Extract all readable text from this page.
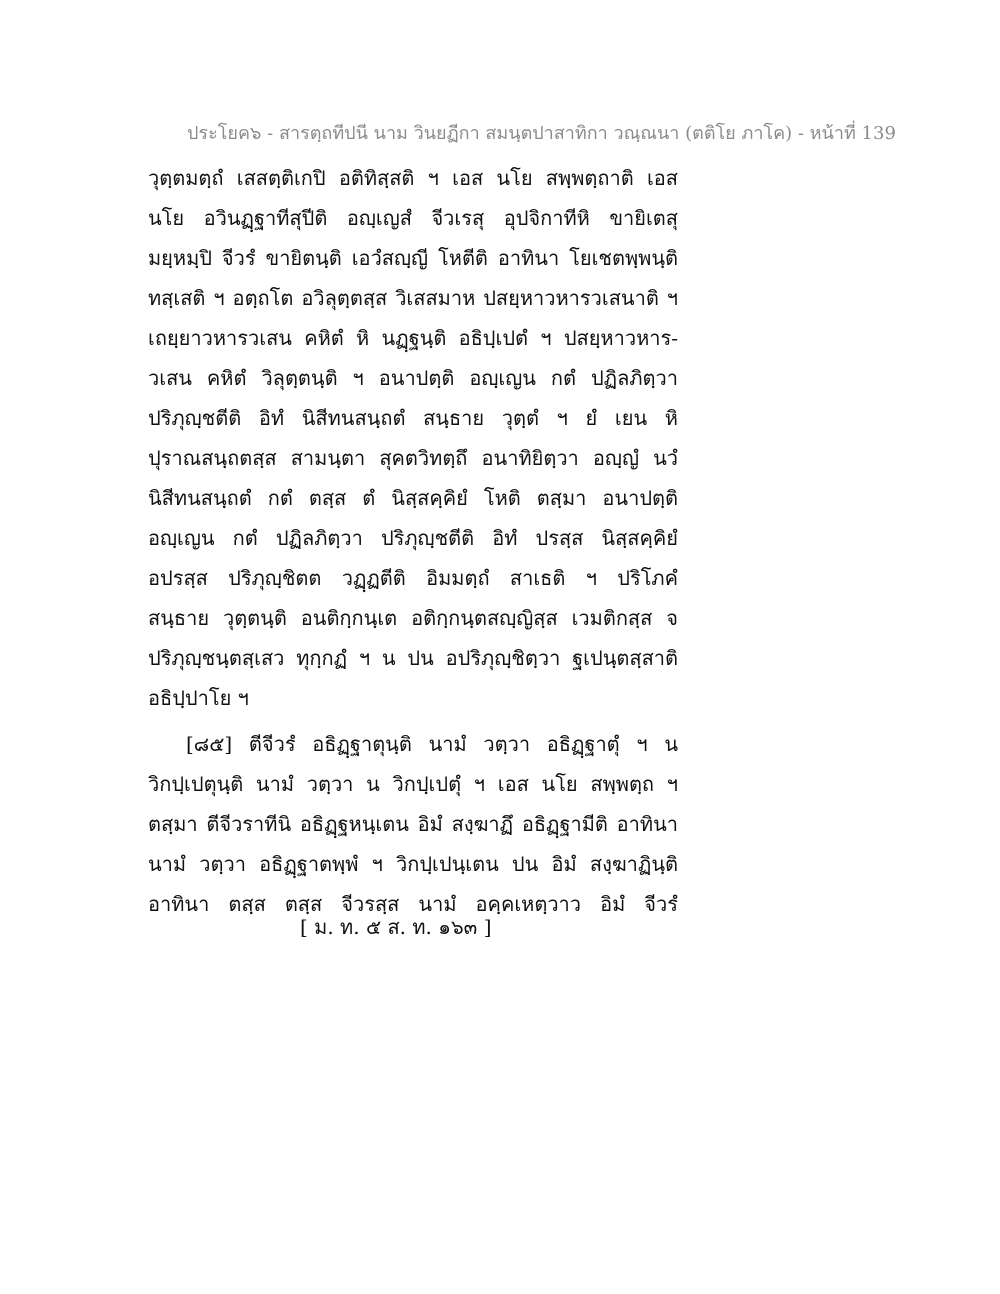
ประโยค๖ - สารตฺถทีปนี นาม วินยฏีกา สมนฺตปาสาทิกา วณฺณนา (ตติโย ภาโค) - หน้าที่ 139
วุตฺตมตฺถํ เสสตฺติเกปิ อติทิสฺสติ ฯ เอส นโย สพฺพตฺถาติ เอส
นโย อวินฏฺฐาทีสุปีติ อญฺเญสํ จีวเรสุ อุปจิกาทีหิ ขายิเตสุ
มยฺหมฺปิ จีวรํ ขายิตนฺติ เอวํสญฺญี โหตีติ อาทินา โยเชตพฺพนฺติ
ทสฺเสติ ฯ อตฺถโต อวิลุตฺตสฺส วิเสสมาห ปสยฺหาวหารวเสนาติ ฯ
เถยฺยาวหารวเสน คหิตํ หิ นฏฺฐนฺติ อธิปฺเปตํ ฯ ปสยฺหาวหาร-
วเสน คหิตํ วิลุตฺตนฺติ ฯ อนาปตฺติ อญฺเญน กตํ ปฏิลภิตฺวา
ปริภุญฺชตีติ อิทํ นิสีทนสนฺถตํ สนฺธาย วุตฺตํ ฯ ยํ เยน หิ
ปุราณสนฺถตสฺส สามนฺตา สุคตวิทตฺถึ อนาทิยิตฺวา อญฺญํ นวํ
นิสีทนสนฺถตํ กตํ ตสฺส ตํ นิสฺสคฺคิยํ โหติ ตสฺมา อนาปตฺติ
อญฺเญน กตํ ปฏิลภิตฺวา ปริภุญฺชตีติ อิทํ ปรสฺส นิสฺสคฺคิยํ
อปรสฺส ปริภุญฺชิตต วฏฺฏตีติ อิมมตฺถํ สาเธติ ฯ ปริโภคํ
สนฺธาย วุตฺตนฺติ อนติกฺกนฺเต อติกฺกนฺตสญฺญิสฺส เวมติกสฺส จ
ปริภุญฺชนฺตสฺเสว ทุกฺกฏํ ฯ น ปน อปริภุญฺชิตฺวา ฐเปนฺตสฺสาติ
อธิปฺปาโย ฯ
[๘๕] ตีจีวรํ อธิฏฺฐาตุนฺติ นามํ วตฺวา อธิฏฺฐาตุํ ฯ น
วิกปฺเปตุนฺติ นามํ วตฺวา น วิกปฺเปตุํ ฯ เอส นโย สพฺพตฺถ ฯ
ตสฺมา ตีจีวราทีนิ อธิฏฺฐหนฺเตน อิมํ สงฺฆาฏึ อธิฏฺฐามีติ อาทินา
นามํ วตฺวา อธิฏฺฐาตพฺพํ ฯ วิกปฺเปนฺเตน ปน อิมํ สงฺฆาฏินฺติ
อาทินา ตสฺส ตสฺส จีวรสฺส นามํ อคฺคเหตฺวาว อิมํ จีวรํ
[ ม. ท. ๕ ส. ท. ๑๖๓ ]
